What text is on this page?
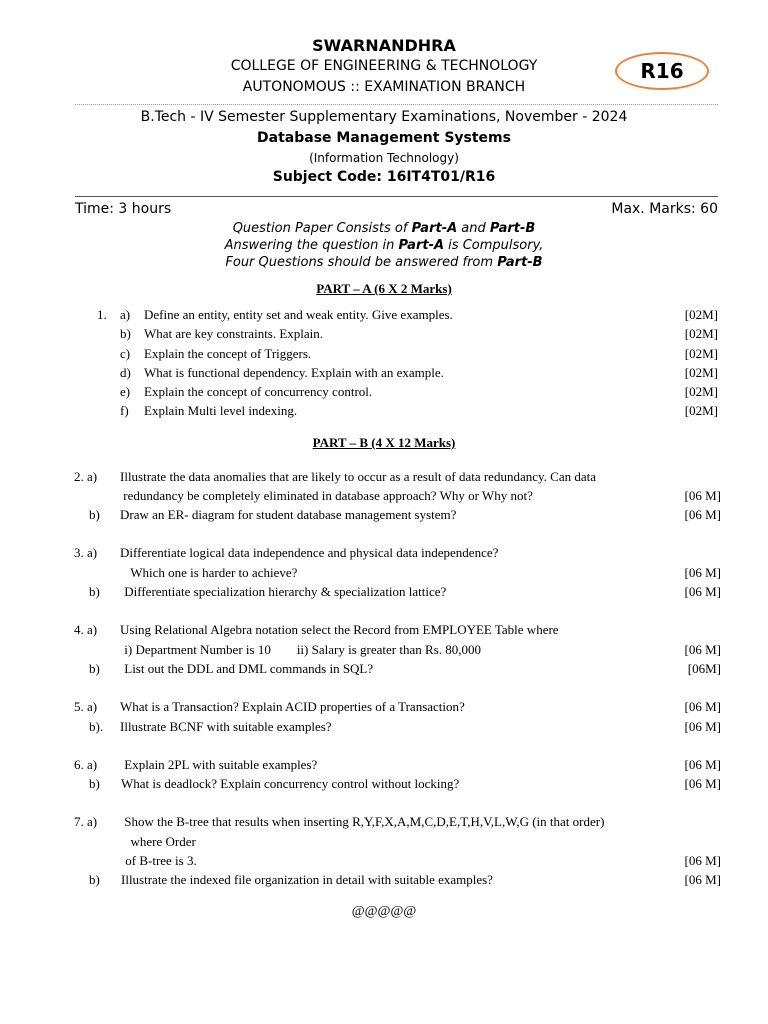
SWARNANDHRA
COLLEGE OF ENGINEERING & TECHNOLOGY
AUTONOMOUS :: EXAMINATION BRANCH
R16
B.Tech - IV Semester Supplementary Examinations, November - 2024
Database Management Systems
(Information Technology)
Subject Code: 16IT4T01/R16
Time: 3 hours	Max. Marks: 60
Question Paper Consists of Part-A and Part-B
Answering the question in Part-A is Compulsory,
Four Questions should be answered from Part-B
PART – A (6 X 2 Marks)
1. a) Define an entity, entity set and weak entity. Give examples.	[02M]
b) What are key constraints. Explain.	[02M]
c) Explain the concept of Triggers.	[02M]
d) What is functional dependency. Explain with an example.	[02M]
e) Explain the concept of concurrency control.	[02M]
f) Explain Multi level indexing.	[02M]
PART – B (4 X 12 Marks)
2. a) Illustrate the data anomalies that are likely to occur as a result of data redundancy. Can data
redundancy be completely eliminated in database approach? Why or Why not?	[06 M]
b) Draw an ER- diagram for student database management system?	[06 M]
3. a) Differentiate logical data independence and physical data independence?
Which one is harder to achieve?	[06 M]
b) Differentiate specialization hierarchy & specialization lattice?	[06 M]
4. a) Using Relational Algebra notation select the Record from EMPLOYEE Table where
i) Department Number is 10        ii) Salary is greater than Rs. 80,000	[06 M]
b) List out the DDL and DML commands in SQL?	[06M]
5. a) What is a Transaction? Explain ACID properties of a Transaction?	[06 M]
b). Illustrate BCNF with suitable examples?	[06 M]
6. a) Explain 2PL with suitable examples?	[06 M]
b) What is deadlock? Explain concurrency control without locking?	[06 M]
7. a) Show the B-tree that results when inserting R,Y,F,X,A,M,C,D,E,T,H,V,L,W,G (in that order)
where Order
of B-tree is 3.	[06 M]
b) Illustrate the indexed file organization in detail with suitable examples?	[06 M]
@@@@@
